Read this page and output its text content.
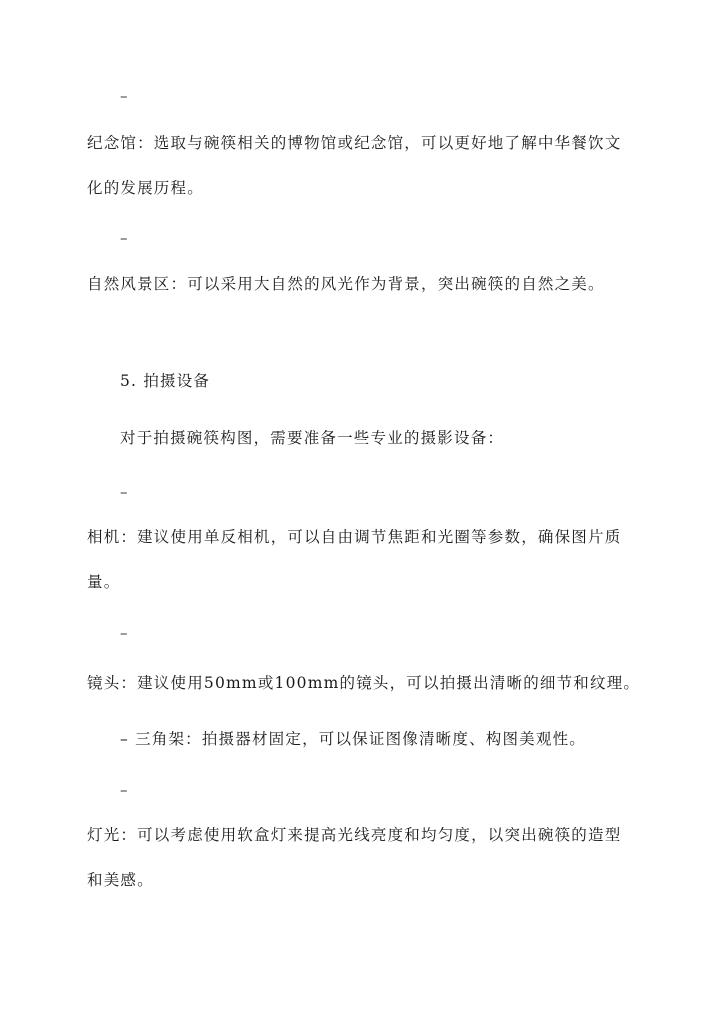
–
纪念馆：选取与碗筷相关的博物馆或纪念馆，可以更好地了解中华餐饮文
化的发展历程。
–
自然风景区：可以采用大自然的风光作为背景，突出碗筷的自然之美。
5. 拍摄设备
对于拍摄碗筷构图，需要准备一些专业的摄影设备：
–
相机：建议使用单反相机，可以自由调节焦距和光圈等参数，确保图片质
量。
–
镜头：建议使用50mm或100mm的镜头，可以拍摄出清晰的细节和纹理。
– 三角架：拍摄器材固定，可以保证图像清晰度、构图美观性。
–
灯光：可以考虑使用软盒灯来提高光线亮度和均匀度，以突出碗筷的造型
和美感。
